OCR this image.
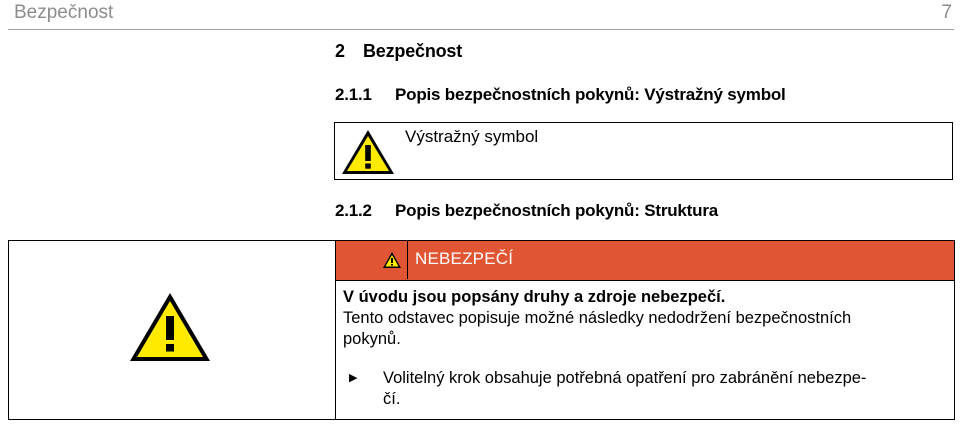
Bezpečnost	7
2 Bezpečnost
2.1.1 Popis bezpečnostních pokynů: Výstražný symbol
Výstražný symbol
2.1.2 Popis bezpečnostních pokynů: Struktura
NEBEZPEČÍ
V úvodu jsou popsány druhy a zdroje nebezpečí.
Tento odstavec popisuje možné následky nedodržení bezpečnostních
pokynů.
▶ Volitelný krok obsahuje potřebná opatření pro zabránění nebezpe-
čí.
